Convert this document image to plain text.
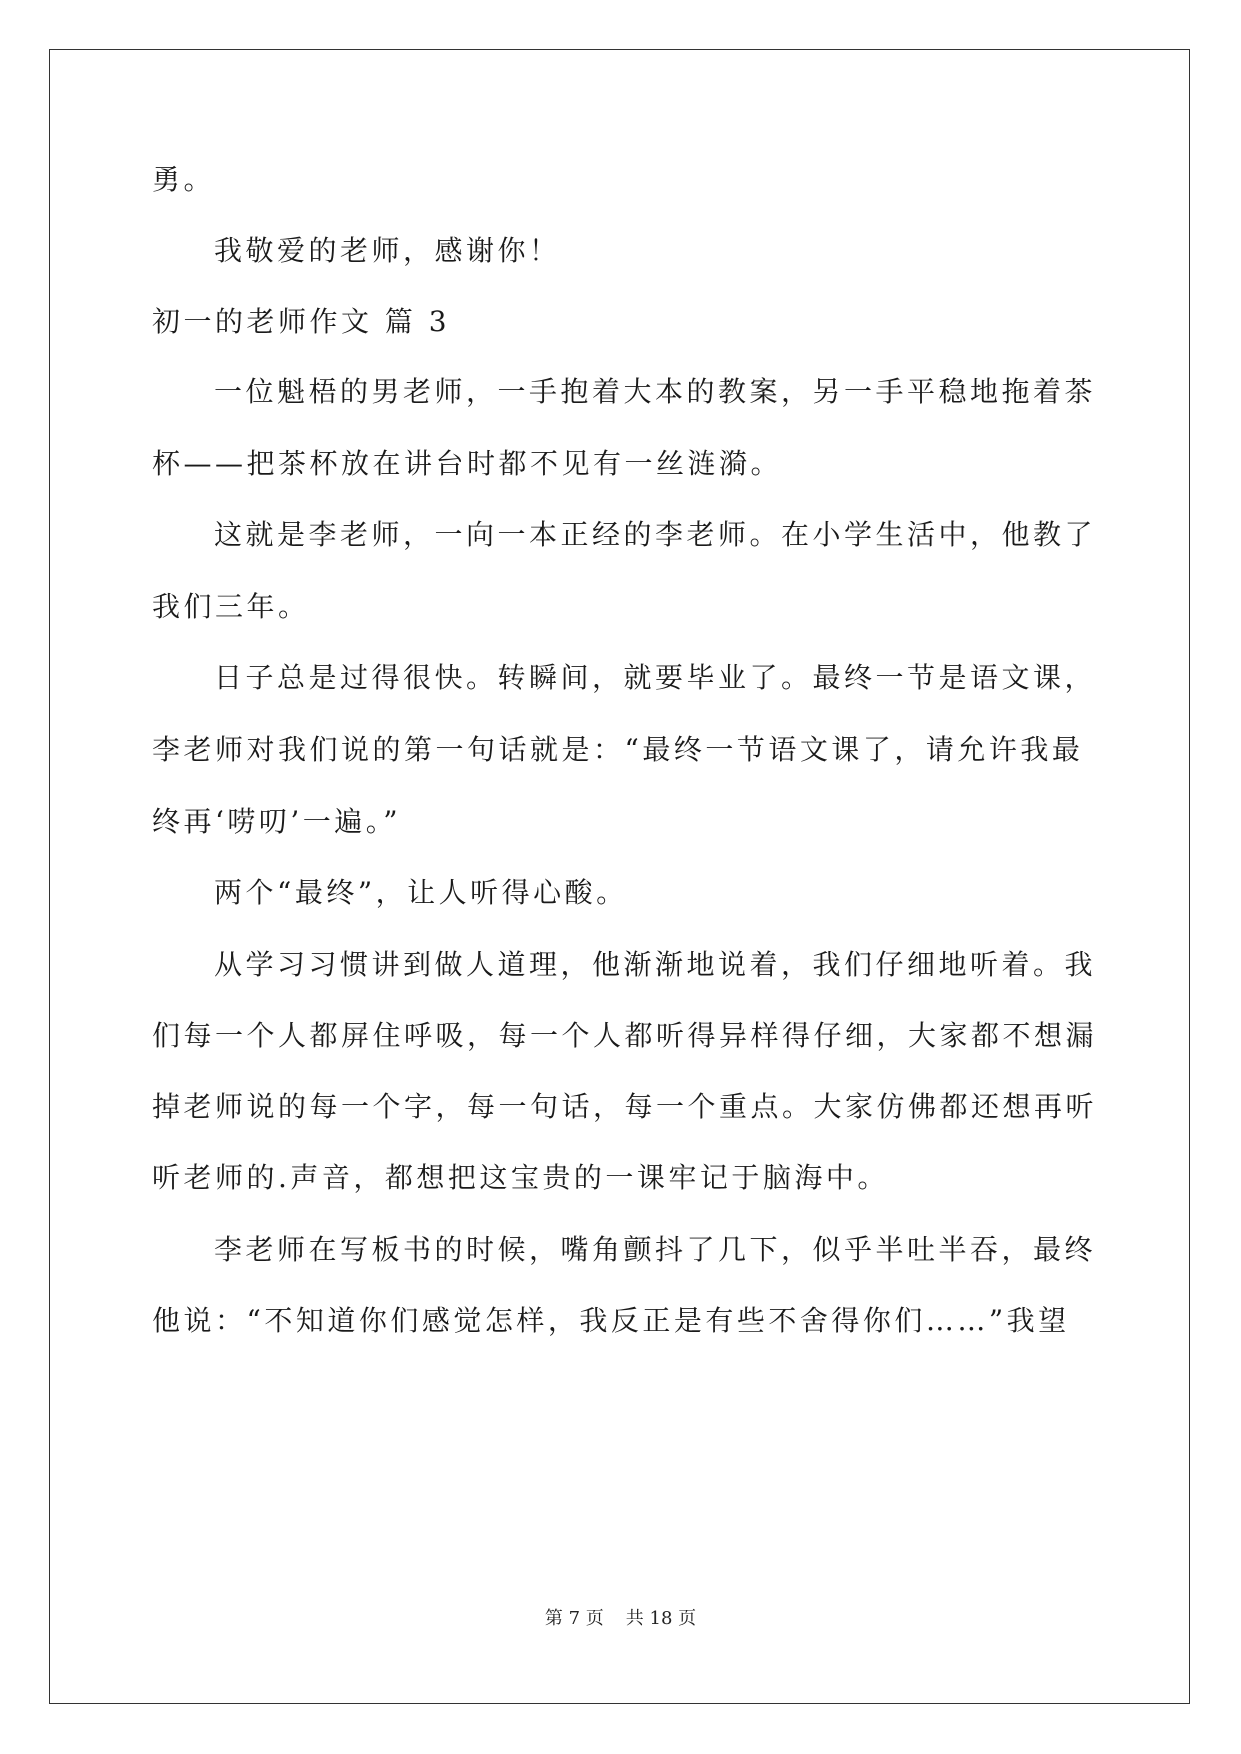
勇。
我敬爱的老师，感谢你！
初一的老师作文 篇 3
一位魁梧的男老师，一手抱着大本的教案，另一手平稳地拖着茶
杯——把茶杯放在讲台时都不见有一丝涟漪。
这就是李老师，一向一本正经的李老师。在小学生活中，他教了
我们三年。
日子总是过得很快。转瞬间，就要毕业了。最终一节是语文课，
李老师对我们说的第一句话就是：“最终一节语文课了，请允许我最
终再‘唠叨’一遍。”
两个“最终”，让人听得心酸。
从学习习惯讲到做人道理，他渐渐地说着，我们仔细地听着。我
们每一个人都屏住呼吸，每一个人都听得异样得仔细，大家都不想漏
掉老师说的每一个字，每一句话，每一个重点。大家仿佛都还想再听
听老师的.声音，都想把这宝贵的一课牢记于脑海中。
李老师在写板书的时候，嘴角颤抖了几下，似乎半吐半吞，最终
他说：“不知道你们感觉怎样，我反正是有些不舍得你们……”我望
第 7 页 共 18 页
